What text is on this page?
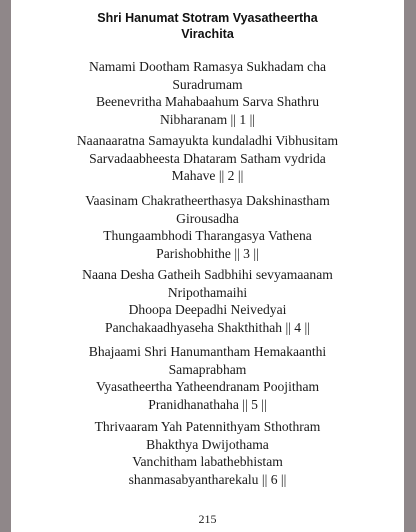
Shri Hanumat Stotram Vyasatheertha
Virachita
Namami Dootham Ramasya Sukhadam cha
Suradrumam
Beenevritha Mahabaahum Sarva Shathru
Nibharanam || 1 ||
Naanaaratna Samayukta kundaladhi Vibhusitam
Sarvadaabheesta Dhataram Satham vydrida
Mahave || 2 ||
Vaasinam Chakratheerthasya Dakshinastham
Girousadha
Thungaambhodi Tharangasya Vathena
Parishobhithe || 3 ||
Naana Desha Gatheih Sadbhihi sevyamaanam
Nripothamaihi
Dhoopa Deepadhi Neivedyai
Panchakaadhyaseha Shakthithah || 4 ||
Bhajaami Shri Hanumantham Hemakaanthi
Samaprabham
Vyasatheertha Yatheendranam Poojitham
Pranidhanathaha || 5 ||
Thrivaaram Yah Patennithyam Sthothram
Bhakthya Dwijothama
Vanchitham labathebhistam
shanmasabyantharekalu || 6 ||
215
